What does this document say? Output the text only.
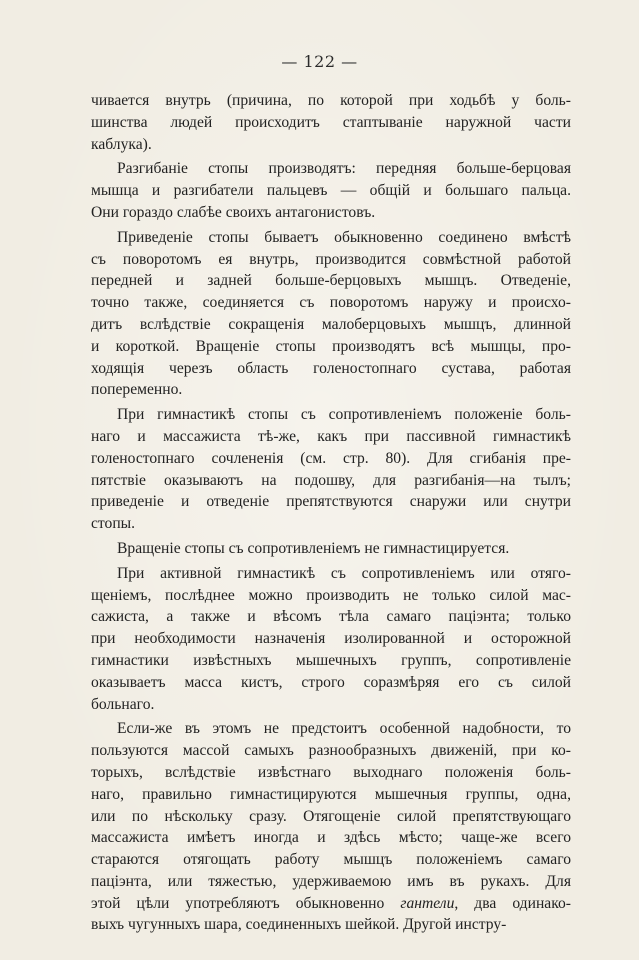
— 122 —
чивается внутрь (причина, по которой при ходьбѣ у боль-
шинства людей происходитъ стаптываніе наружной части
каблука).
Разгибаніе стопы производятъ: передняя больше-берцовая
мышца и разгибатели пальцевъ — общій и большаго пальца.
Они гораздо слабѣе своихъ антагонистовъ.
Приведеніе стопы бываетъ обыкновенно соединено вмѣстѣ
съ поворотомъ ея внутрь, производится совмѣстной работой
передней и задней больше-берцовыхъ мышцъ. Отведеніе,
точно также, соединяется съ поворотомъ наружу и происхо-
дитъ вслѣдствіе сокращенія малоберцовыхъ мышцъ, длинной
и короткой. Вращеніе стопы производятъ всѣ мышцы, про-
ходящія черезъ область голеностопнаго сустава, работая
попеременно.
При гимнастикѣ стопы съ сопротивленіемъ положеніе боль-
наго и массажиста тѣ-же, какъ при пассивной гимнастикѣ
голеностопнаго сочлененія (см. стр. 80). Для сгибанія пре-
пятствіе оказываютъ на подошву, для разгибанія—на тылъ;
приведеніе и отведеніе препятствуются снаружи или снутри
стопы.
Вращеніе стопы съ сопротивленіемъ не гимнастицируется.
При активной гимнастикѣ съ сопротивленіемъ или отяго-
щеніемъ, послѣднее можно производить не только силой мас-
сажиста, а также и вѣсомъ тѣла самаго паціэнта; только
при необходимости назначенія изолированной и осторожной
гимнастики извѣстныхъ мышечныхъ группъ, сопротивленіе
оказываетъ масса кистъ, строго соразмѣряя его съ силой
больнаго.
Если-же въ этомъ не предстоитъ особенной надобности, то
пользуются массой самыхъ разнообразныхъ движеній, при ко-
торыхъ, вслѣдствіе извѣстнаго выходнаго положенія боль-
наго, правильно гимнастицируются мышечныя группы, одна,
или по нѣскольку сразу. Отягощеніе силой препятствующаго
массажиста имѣетъ иногда и здѣсь мѣсто; чаще-же всего
стараются отягощать работу мышцъ положеніемъ самаго
паціэнта, или тяжестью, удерживаемою имъ въ рукахъ. Для
этой цѣли употребляютъ обыкновенно гантели, два одинако-
выхъ чугунныхъ шара, соединенныхъ шейкой. Другой инстру-
